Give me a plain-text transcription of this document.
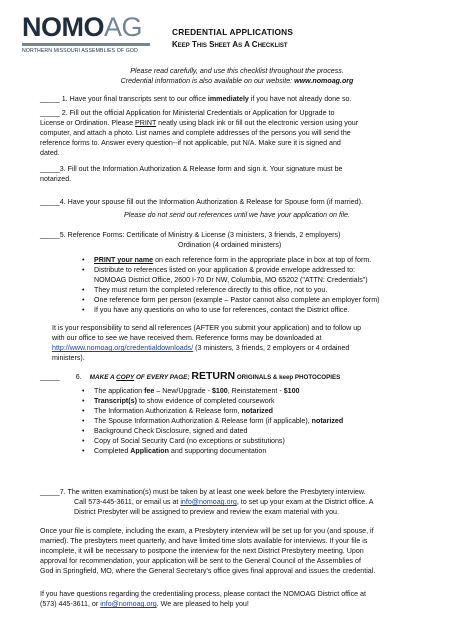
NOMOAG
NORTHERN MISSOURI ASSEMBLIES OF GOD
CREDENTIAL APPLICATIONS
Keep This Sheet As A Checklist
Please read carefully, and use this checklist throughout the process.
Credential information is also available on our website: www.nomoag.org
_____ 1. Have your final transcripts sent to our office immediately if you have not already done so.
_____ 2. Fill out the official Application for Ministerial Credentials or Application for Upgrade to
License or Ordination. Please PRINT neatly using black ink or fill out the electronic version using your
computer, and attach a photo. List names and complete addresses of the persons you will send the
reference forms to. Answer every question--if not applicable, put N/A. Make sure it is signed and
dated.
_____3. Fill out the Information Authorization & Release form and sign it. Your signature must be
notarized.
_____4. Have your spouse fill out the Information Authorization & Release for Spouse form (if married).
Please do not send out references until we have your application on file.
_____5. Reference Forms: Certificate of Ministry & License (3 ministers, 3 friends, 2 employers)
Ordination (4 ordained ministers)
• PRINT your name on each reference form in the appropriate place in box at top of form.
• Distribute to references listed on your application & provide envelope addressed to:
NOMOAG District Office, 2600 I-70 Dr NW, Columbia, MO 65202 ("ATTN: Credentials")
• They must return the completed reference directly to this office, not to you.
• One reference form per person (example – Pastor cannot also complete an employer form)
• If you have any questions on who to use for references, contact the District office.
It is your responsibility to send all references (AFTER you submit your application) and to follow up
with our office to see we have received them. Reference forms may be downloaded at
http://www.nomoag.org/credentialdownloads/ (3 ministers, 3 friends, 2 employers or 4 ordained
ministers).
_____ 6. MAKE A COPY OF EVERY PAGE; RETURN ORIGINALS & keep PHOTOCOPIES
• The application fee – New/Upgrade - $100, Reinstatement - $100
• Transcript(s) to show evidence of completed coursework
• The Information Authorization & Release form, notarized
• The Spouse Information Authorization & Release form (if applicable), notarized
• Background Check Disclosure, signed and dated
• Copy of Social Security Card (no exceptions or substitutions)
• Completed Application and supporting documentation
_____7. The written examination(s) must be taken by at least one week before the Presbytery interview.
Call 573-445-3611, or email us at info@nomoag.org, to set up your exam at the District office. A
District Presbyter will be assigned to preview and review the exam material with you.
Once your file is complete, including the exam, a Presbytery interview will be set up for you (and spouse, if
married). The presbyters meet quarterly, and have limited time slots available for interviews. If your file is
incomplete, it will be necessary to postpone the interview for the next District Presbytery meeting. Upon
approval for recommendation, your application will be sent to the General Council of the Assemblies of
God in Springfield, MO, where the General Secretary’s office gives final approval and issues the credential.
If you have questions regarding the credentialing process, please contact the NOMOAG District office at
(573) 445-3611, or info@nomoag.org. We are pleased to help you!
